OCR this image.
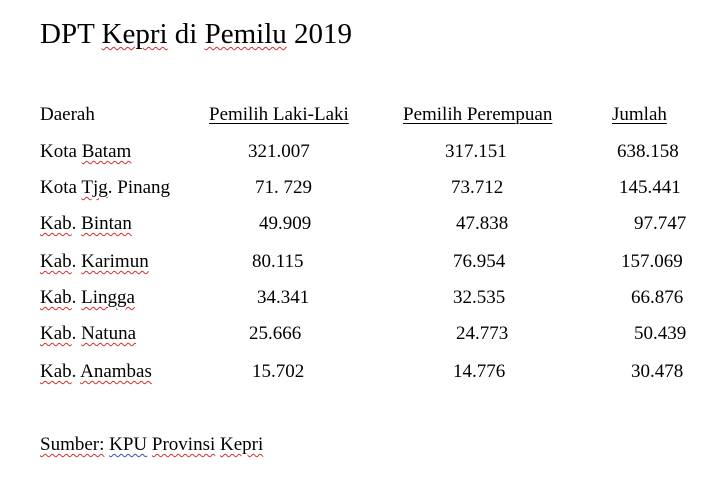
DPT Kepri di Pemilu 2019
Daerah	Pemilih Laki-Laki	Pemilih Perempuan	Jumlah
Kota Batam	321.007	317.151	638.158
Kota Tjg. Pinang	71. 729	73.712	145.441
Kab. Bintan	49.909	47.838	97.747
Kab. Karimun	80.115	76.954	157.069
Kab. Lingga	34.341	32.535	66.876
Kab. Natuna	25.666	24.773	50.439
Kab. Anambas	15.702	14.776	30.478
Sumber: KPU Provinsi Kepri
